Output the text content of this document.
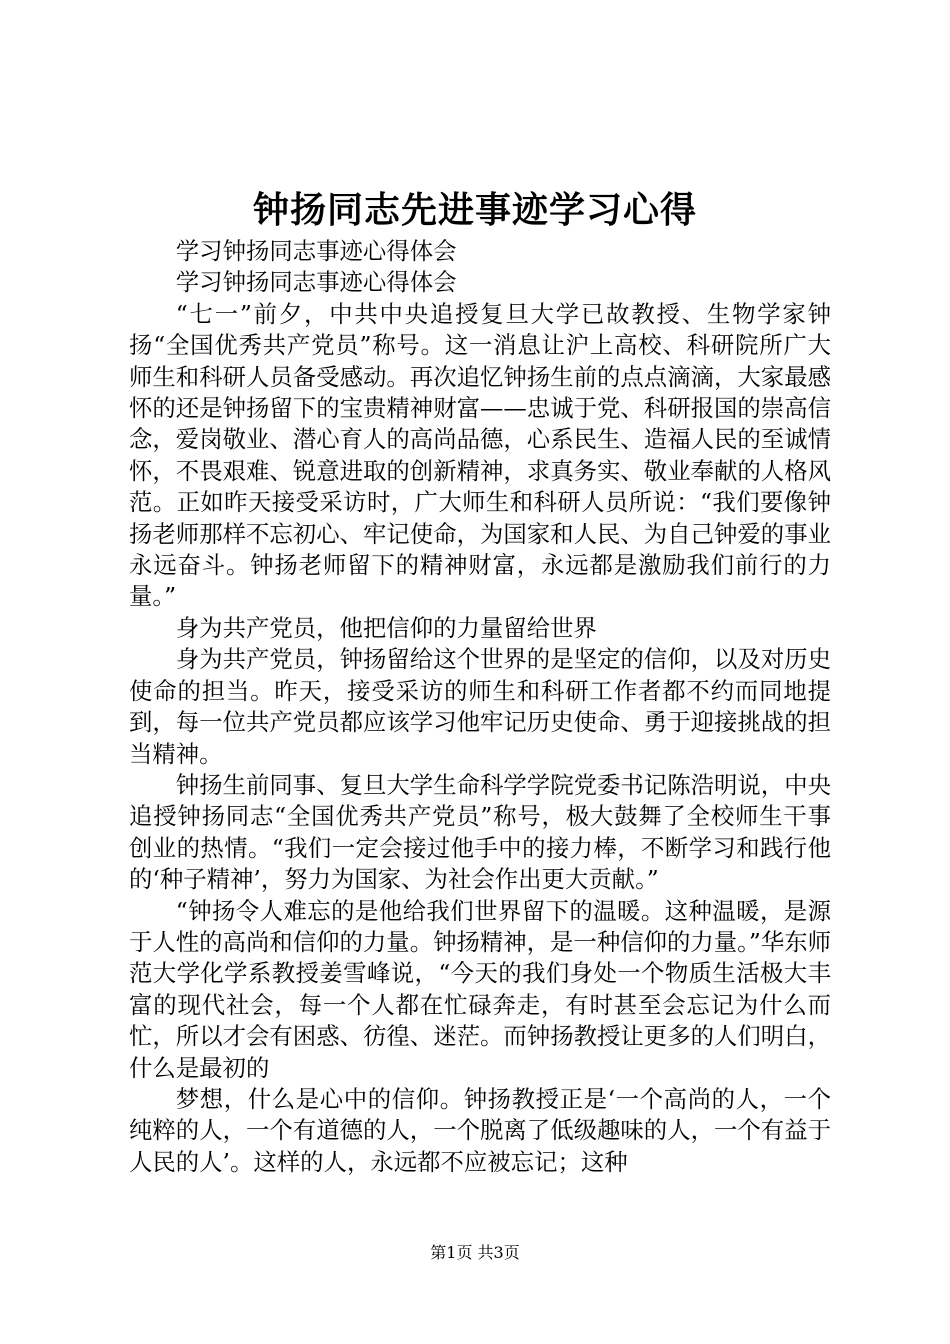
钟扬同志先进事迹学习心得

学习钟扬同志事迹心得体会

学习钟扬同志事迹心得体会

“七一”前夕，中共中央追授复旦大学已故教授、生物学家钟扬“全国优秀共产党员”称号。这一消息让沪上高校、科研院所广大师生和科研人员备受感动。再次追忆钟扬生前的点点滴滴，大家最感怀的还是钟扬留下的宝贵精神财富——忠诚于党、科研报国的崇高信念，爱岗敬业、潜心育人的高尚品德，心系民生、造福人民的至诚情怀，不畏艰难、锐意进取的创新精神，求真务实、敬业奉献的人格风范。正如昨天接受采访时，广大师生和科研人员所说：“我们要像钟扬老师那样不忘初心、牢记使命，为国家和人民、为自己钟爱的事业永远奋斗。钟扬老师留下的精神财富，永远都是激励我们前行的力量。”

身为共产党员，他把信仰的力量留给世界

身为共产党员，钟扬留给这个世界的是坚定的信仰，以及对历史使命的担当。昨天，接受采访的师生和科研工作者都不约而同地提到，每一位共产党员都应该学习他牢记历史使命、勇于迎接挑战的担当精神。

钟扬生前同事、复旦大学生命科学学院党委书记陈浩明说，中央追授钟扬同志“全国优秀共产党员”称号，极大鼓舞了全校师生干事创业的热情。“我们一定会接过他手中的接力棒，不断学习和践行他的‘种子精神’，努力为国家、为社会作出更大贡献。”

“钟扬令人难忘的是他给我们世界留下的温暖。这种温暖，是源于人性的高尚和信仰的力量。钟扬精神，是一种信仰的力量。”华东师范大学化学系教授姜雪峰说，“今天的我们身处一个物质生活极大丰富的现代社会，每一个人都在忙碌奔走，有时甚至会忘记为什么而忙，所以才会有困惑、彷徨、迷茫。而钟扬教授让更多的人们明白，什么是最初的

梦想，什么是心中的信仰。钟扬教授正是‘一个高尚的人，一个纯粹的人，一个有道德的人，一个脱离了低级趣味的人，一个有益于人民的人’。这样的人，永远都不应被忘记；这种

第1页 共3页
